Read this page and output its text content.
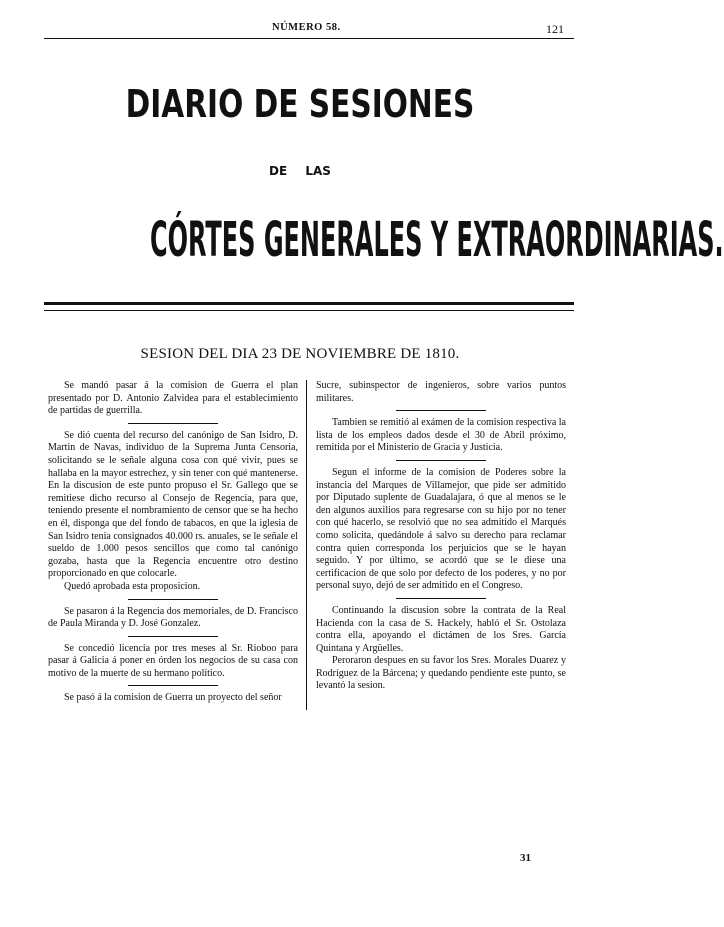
NÚMERO 58.	121
DIARIO DE SESIONES
DE LAS
CÓRTES GENERALES Y EXTRAORDINARIAS.
SESION DEL DIA 23 DE NOVIEMBRE DE 1810.

Se mandó pasar á la comision de Guerra el plan presentado por D. Antonio Zalvidea para el establecimiento de partidas de guerrilla.

Se dió cuenta del recurso del canónigo de San Isidro, D. Martin de Navas, individuo de la Suprema Junta Censoria, solicitando se le señale alguna cosa con qué vivir, pues se hallaba en la mayor estrechez, y sin tener con qué mantenerse. En la discusion de este punto propuso el Sr. Gallego que se remitiese dicho recurso al Consejo de Regencia, para que, teniendo presente el nombramiento de censor que se ha hecho en él, disponga que del fondo de tabacos, en que la iglesia de San Isidro tenia consignados 40.000 rs. anuales, se le señale el sueldo de 1.000 pesos sencillos que como tal canónigo gozaba, hasta que la Regencia encuentre otro destino proporcionado en que colocarle.

Quedó aprobada esta proposicion.

Se pasaron á la Regencia dos memoriales, de D. Francisco de Paula Miranda y D. José Gonzalez.

Se concedió licencia por tres meses al Sr. Rioboo para pasar á Galicia á poner en órden los negocios de su casa con motivo de la muerte de su hermano político.

Se pasó á la comision de Guerra un proyecto del señor

Sucre, subinspector de ingenieros, sobre varios puntos militares.

Tambien se remitió al exámen de la comision respectiva la lista de los empleos dados desde el 30 de Abril próximo, remitida por el Ministerio de Gracia y Justicia.

Segun el informe de la comision de Poderes sobre la instancia del Marques de Villamejor, que pide ser admitido por Diputado suplente de Guadalajara, ó que al menos se le den algunos auxilios para regresarse con su hijo por no tener con qué hacerlo, se resolvió que no sea admitido el Marqués como solicita, quedándole á salvo su derecho para reclamar contra quien corresponda los perjuicios que se le hayan seguido. Y por último, se acordó que se le diese una certificacion de que solo por defecto de los poderes, y no por personal suyo, dejó de ser admitido en el Congreso.

Continuando la discusion sobre la contrata de la Real Hacienda con la casa de S. Hackely, habló el Sr. Ostolaza contra ella, apoyando el dictámen de los Sres. García Quintana y Argüelles.

Peroraron despues en su favor los Sres. Morales Duarez y Rodríguez de la Bárcena; y quedando pendiente este punto, se levantó la sesion.

31
